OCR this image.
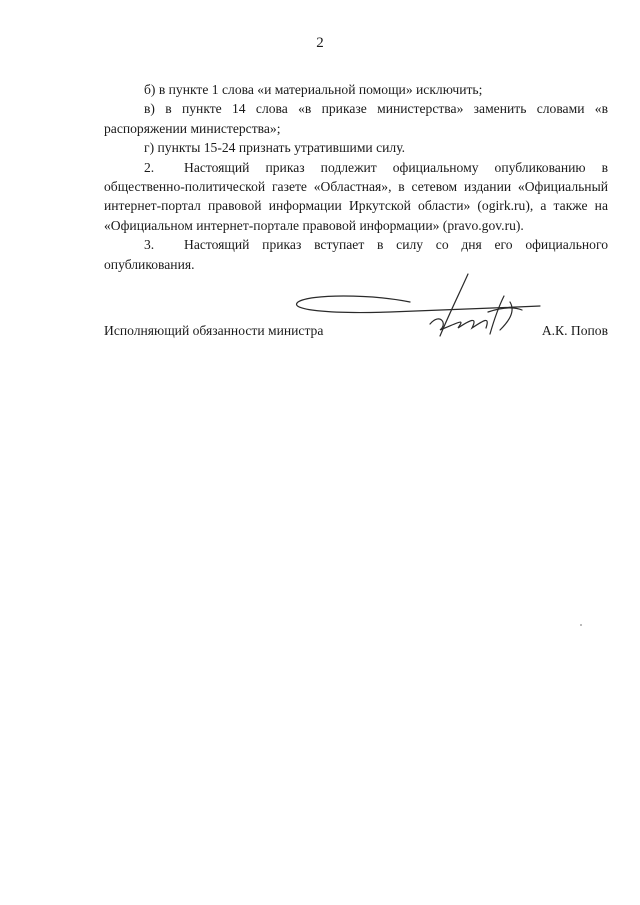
2

б) в пункте 1 слова «и материальной помощи» исключить;

в) в пункте 14 слова «в приказе министерства» заменить словами «в распоряжении министерства»;

г) пункты 15-24 признать утратившими силу.

2. Настоящий приказ подлежит официальному опубликованию в общественно-политической газете «Областная», в сетевом издании «Официальный интернет-портал правовой информации Иркутской области» (ogirk.ru), а также на «Официальном интернет-портале правовой информации» (pravo.gov.ru).

3. Настоящий приказ вступает в силу со дня его официального опубликования.

Исполняющий обязанности министра	А.К. Попов
